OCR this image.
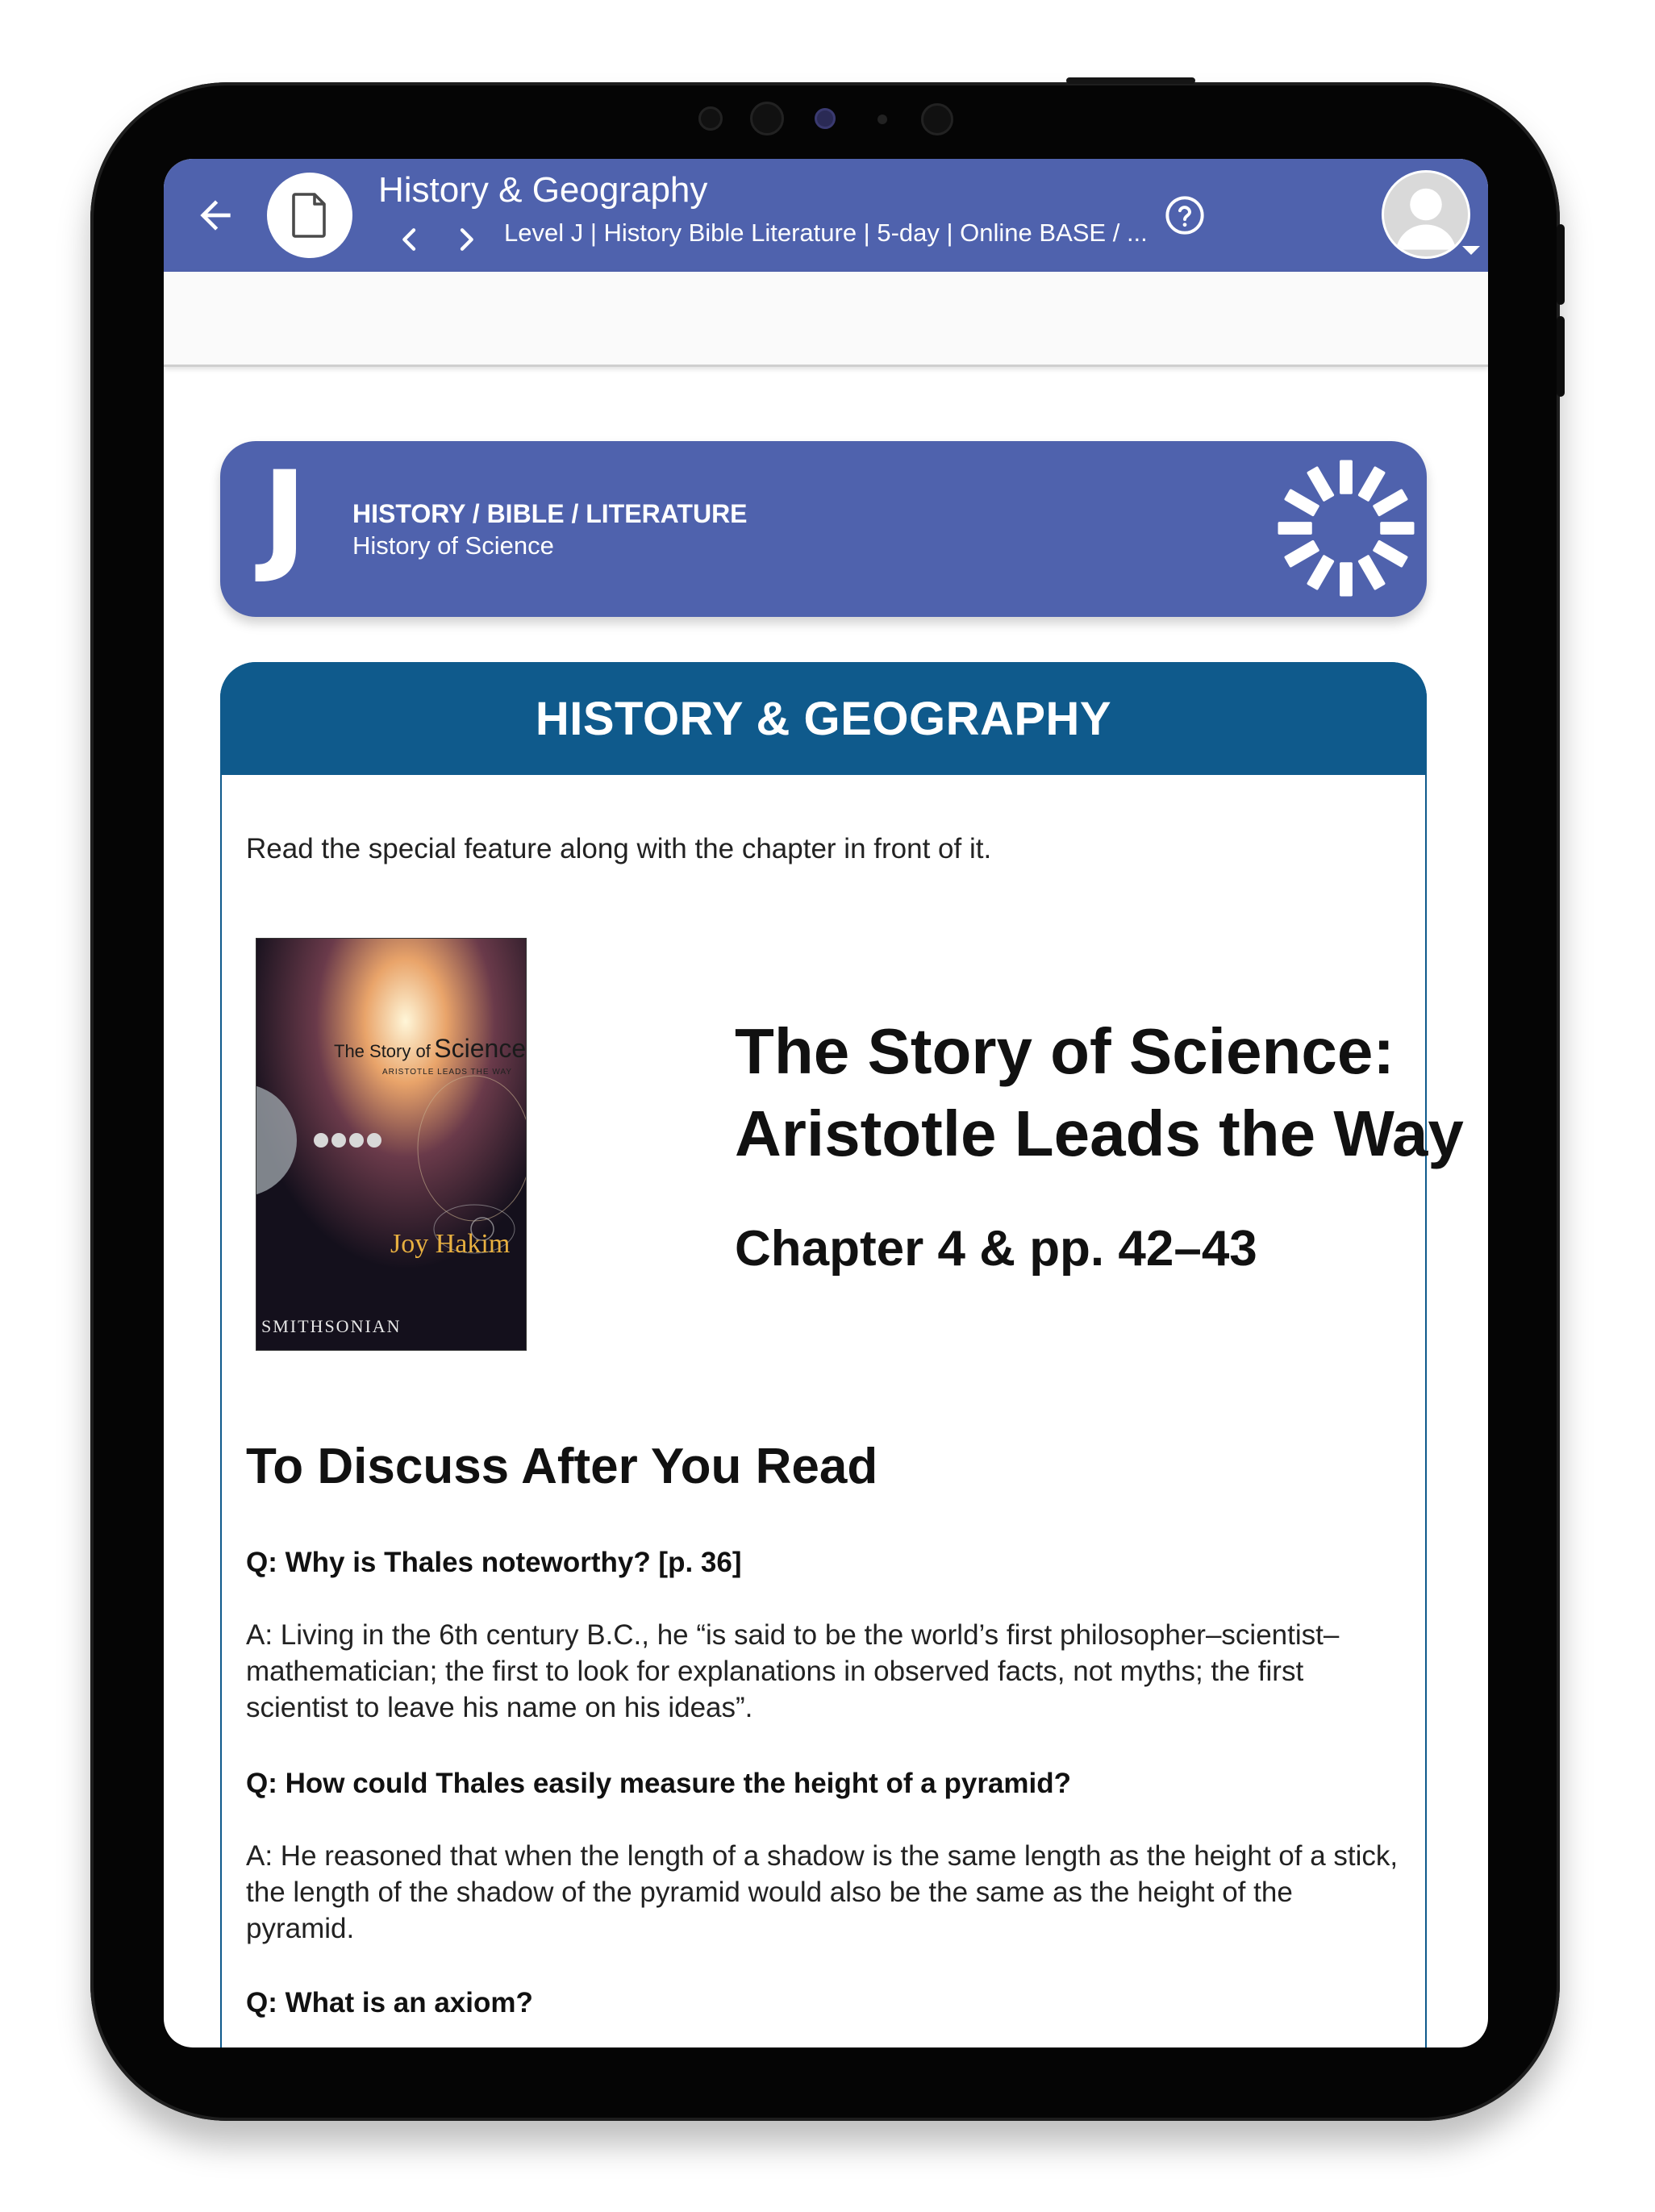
History & Geography
Level J | History Bible Literature | 5-day | Online BASE / ...
J HISTORY / BIBLE / LITERATURE
History of Science
HISTORY & GEOGRAPHY
Read the special feature along with the chapter in front of it.
The Story of Science
ARISTOTLE LEADS THE WAY
Joy Hakim
SMITHSONIAN
The Story of Science:
Aristotle Leads the Way
Chapter 4 & pp. 42–43
To Discuss After You Read
Q: Why is Thales noteworthy? [p. 36]
A: Living in the 6th century B.C., he “is said to be the world’s first philosopher–scientist–mathematician; the first to look for explanations in observed facts, not myths; the first scientist to leave his name on his ideas”.
Q: How could Thales easily measure the height of a pyramid?
A: He reasoned that when the length of a shadow is the same length as the height of a stick, the length of the shadow of the pyramid would also be the same as the height of the pyramid.
Q: What is an axiom?
